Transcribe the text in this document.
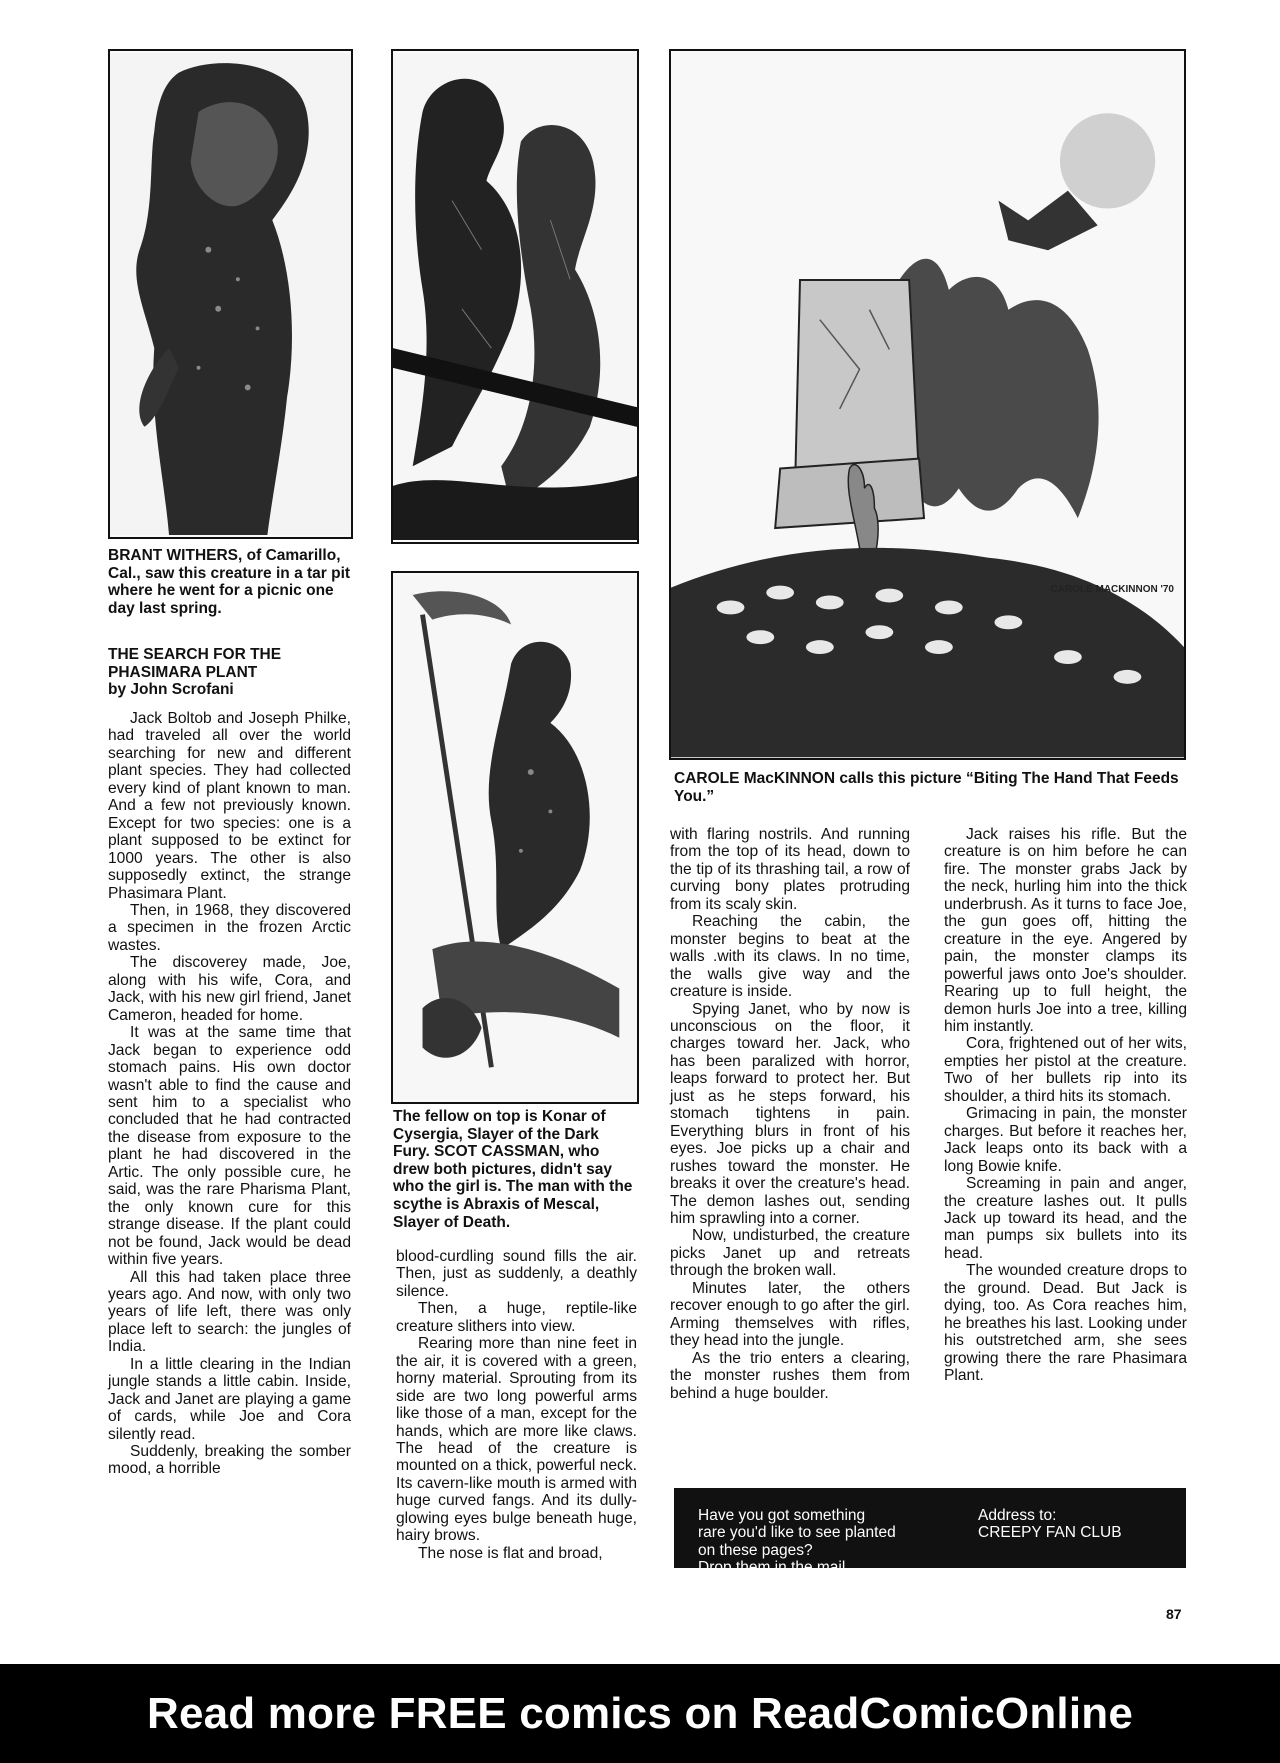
CAROLE MACKINNON '70
BRANT WITHERS, of Camarillo, Cal., saw this creature in a tar pit where he went for a picnic one day last spring.
The fellow on top is Konar of Cysergia, Slayer of the Dark Fury. SCOT CASSMAN, who drew both pictures, didn't say who the girl is. The man with the scythe is Abraxis of Mescal, Slayer of Death.
CAROLE MacKINNON calls this picture “Biting The Hand That Feeds You.”
THE SEARCH FOR THE
PHASIMARA PLANT
by John Scrofani

Jack Boltob and Joseph Philke, had traveled all over the world searching for new and different plant species. They had collected every kind of plant known to man. And a few not previously known. Except for two species: one is a plant supposed to be extinct for 1000 years. The other is also supposedly extinct, the strange Phasimara Plant.

Then, in 1968, they discovered a specimen in the frozen Arctic wastes.

The discoverey made, Joe, along with his wife, Cora, and Jack, with his new girl friend, Janet Cameron, headed for home.

It was at the same time that Jack began to experience odd stomach pains. His own doctor wasn't able to find the cause and sent him to a specialist who concluded that he had contracted the disease from exposure to the plant he had discovered in the Artic. The only possible cure, he said, was the rare Pharisma Plant, the only known cure for this strange disease. If the plant could not be found, Jack would be dead within five years.

All this had taken place three years ago. And now, with only two years of life left, there was only place left to search: the jungles of India.

In a little clearing in the Indian jungle stands a little cabin. Inside, Jack and Janet are playing a game of cards, while Joe and Cora silently read.

Suddenly, breaking the somber mood, a horrible

blood-curdling sound fills the air. Then, just as suddenly, a deathly silence.

Then, a huge, reptile-like creature slithers into view.

Rearing more than nine feet in the air, it is covered with a green, horny material. Sprouting from its side are two long powerful arms like those of a man, except for the hands, which are more like claws. The head of the creature is mounted on a thick, powerful neck. Its cavern-like mouth is armed with huge curved fangs. And its dully-glowing eyes bulge beneath huge, hairy brows.

The nose is flat and broad,

with flaring nostrils. And running from the top of its head, down to the tip of its thrashing tail, a row of curving bony plates protruding from its scaly skin.

Reaching the cabin, the monster begins to beat at the walls .with its claws. In no time, the walls give way and the creature is inside.

Spying Janet, who by now is unconscious on the floor, it charges toward her. Jack, who has been paralized with horror, leaps forward to protect her. But just as he steps forward, his stomach tightens in pain. Everything blurs in front of his eyes. Joe picks up a chair and rushes toward the monster. He breaks it over the creature's head. The demon lashes out, sending him sprawling into a corner.

Now, undisturbed, the creature picks Janet up and retreats through the broken wall.

Minutes later, the others recover enough to go after the girl. Arming themselves with rifles, they head into the jungle.

As the trio enters a clearing, the monster rushes them from behind a huge boulder.

Jack raises his rifle. But the creature is on him before he can fire. The monster grabs Jack by the neck, hurling him into the thick underbrush. As it turns to face Joe, the gun goes off, hitting the creature in the eye. Angered by pain, the monster clamps its powerful jaws onto Joe's shoulder. Rearing up to full height, the demon hurls Joe into a tree, killing him instantly.

Cora, frightened out of her wits, empties her pistol at the creature. Two of her bullets rip into its shoulder, a third hits its stomach.

Grimacing in pain, the monster charges. But before it reaches her, Jack leaps onto its back with a long Bowie knife.

Screaming in pain and anger, the creature lashes out. It pulls Jack up toward its head, and the man pumps six bullets into its head.

The wounded creature drops to the ground. Dead. But Jack is dying, too. As Cora reaches him, he breathes his last. Looking under his outstretched arm, she sees growing there the rare Phasimara Plant.

Have you got something
rare you'd like to see planted
on these pages?
Drop them in the mail.
Address to:
CREEPY FAN CLUB
87
Read more FREE comics on ReadComicOnline
